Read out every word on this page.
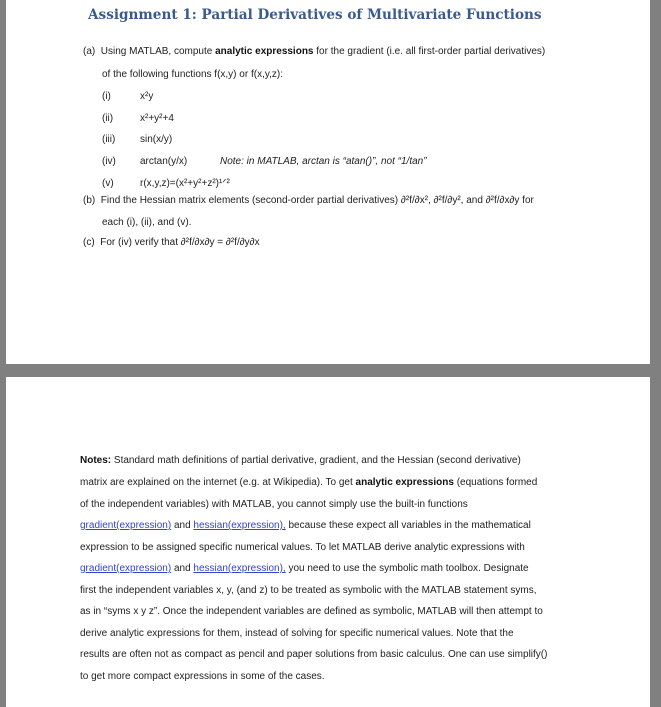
Assignment 1: Partial Derivatives of Multivariate Functions
(a) Using MATLAB, compute analytic expressions for the gradient (i.e. all first-order partial derivatives)
of the following functions f(x,y) or f(x,y,z):
(i)	x²y
(ii)	x²+y²+4
(iii) sin(x/y)
(iv) arctan(y/x)	Note: in MATLAB, arctan is “atan()”, not “1/tan”
(v)	r(x,y,z)=(x²+y²+z²)¹ᐟ²
(b) Find the Hessian matrix elements (second-order partial derivatives) ∂²f/∂x², ∂²f/∂y², and ∂²f/∂x∂y for
each (i), (ii), and (v).
(c) For (iv) verify that ∂²f/∂x∂y = ∂²f/∂y∂x
Notes: Standard math definitions of partial derivative, gradient, and the Hessian (second derivative)
matrix are explained on the internet (e.g. at Wikipedia). To get analytic expressions (equations formed
of the independent variables) with MATLAB, you cannot simply use the built-in functions
gradient(expression) and hessian(expression), because these expect all variables in the mathematical
expression to be assigned specific numerical values. To let MATLAB derive analytic expressions with
gradient(expression) and hessian(expression), you need to use the symbolic math toolbox. Designate
first the independent variables x, y, (and z) to be treated as symbolic with the MATLAB statement syms,
as in “syms x y z”. Once the independent variables are defined as symbolic, MATLAB will then attempt to
derive analytic expressions for them, instead of solving for specific numerical values. Note that the
results are often not as compact as pencil and paper solutions from basic calculus. One can use simplify()
to get more compact expressions in some of the cases.
